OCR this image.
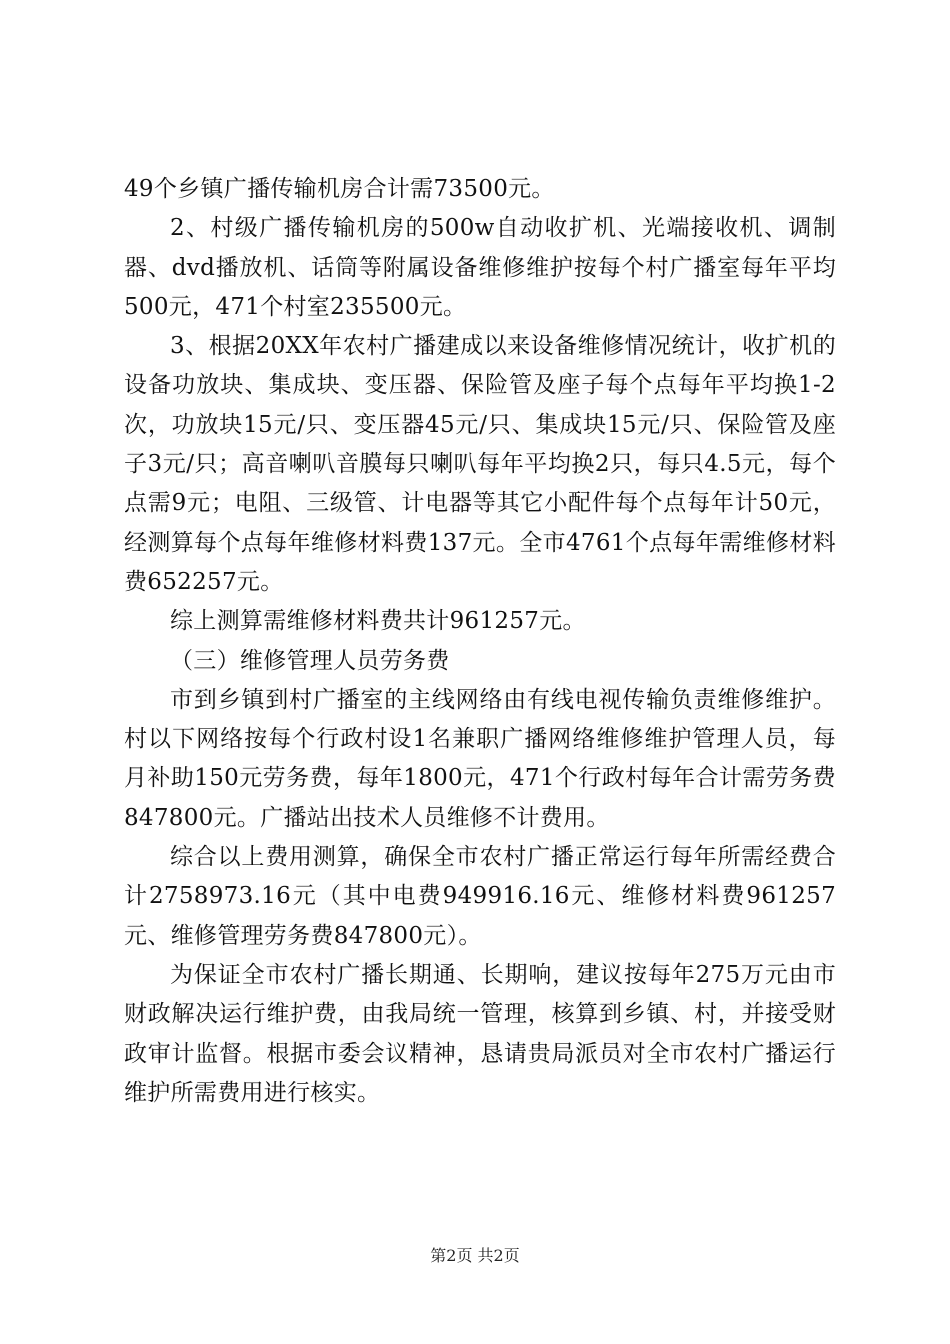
49个乡镇广播传输机房合计需73500元。

2、村级广播传输机房的500w自动收扩机、光端接收机、调制器、dvd播放机、话筒等附属设备维修维护按每个村广播室每年平均500元，471个村室235500元。

3、根据20XX年农村广播建成以来设备维修情况统计，收扩机的设备功放块、集成块、变压器、保险管及座子每个点每年平均换1-2次，功放块15元/只、变压器45元/只、集成块15元/只、保险管及座子3元/只；高音喇叭音膜每只喇叭每年平均换2只，每只4.5元，每个点需9元；电阻、三级管、计电器等其它小配件每个点每年计50元，经测算每个点每年维修材料费137元。全市4761个点每年需维修材料费652257元。

综上测算需维修材料费共计961257元。

（三）维修管理人员劳务费

市到乡镇到村广播室的主线网络由有线电视传输负责维修维护。村以下网络按每个行政村设1名兼职广播网络维修维护管理人员，每月补助150元劳务费，每年1800元，471个行政村每年合计需劳务费847800元。广播站出技术人员维修不计费用。

综合以上费用测算，确保全市农村广播正常运行每年所需经费合计2758973.16元（其中电费949916.16元、维修材料费961257元、维修管理劳务费847800元）。

为保证全市农村广播长期通、长期响，建议按每年275万元由市财政解决运行维护费，由我局统一管理，核算到乡镇、村，并接受财政审计监督。根据市委会议精神，恳请贵局派员对全市农村广播运行维护所需费用进行核实。

第2页 共2页
